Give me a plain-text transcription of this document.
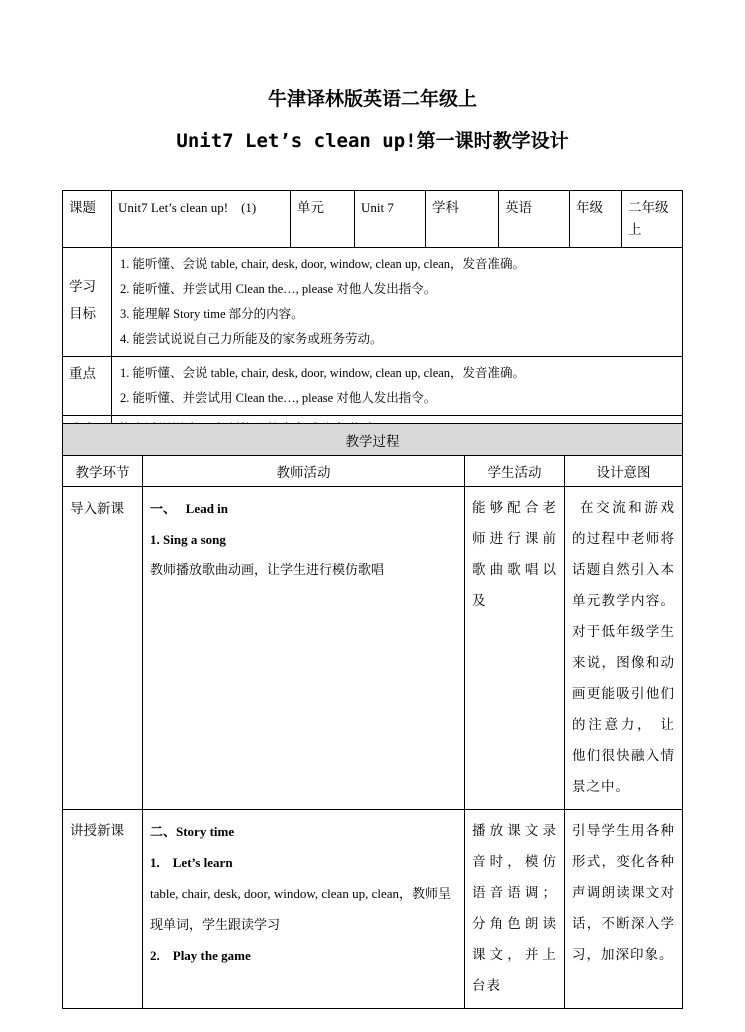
牛津译林版英语二年级上
Unit7 Let’s clean up!第一课时教学设计
课题	Unit7 Let’s clean up!    (1)	单元	Unit 7	学科	英语	年级	二年级上
学习目标	1. 能听懂、会说 table, chair, desk, door, window, clean up, clean，发音准确。
2. 能听懂、并尝试用 Clean the…, please 对他人发出指令。
3. 能理解 Story time 部分的内容。
4. 能尝试说说自己力所能及的家务或班务劳动。						

重点	1. 能听懂、会说 table, chair, desk, door, window, clean up, clean，发音准确。
2. 能听懂、并尝试用 Clean the…, please 对他人发出指令。						

教学过程			
教学环节	教师活动	学生活动	设计意图
导入新课	一、   Lead in
1. Sing a song
教师播放歌曲动画，让学生进行模仿歌唱	能够配合老师进行课前歌曲歌唱以及	在交流和游戏的过程中老师将话题自然引入本单元教学内容。对于低年级学生来说，图像和动画更能吸引他们的注意力， 让他们很快融入情景之中。
讲授新课	二、Story time
1.    Let’s learn
table, chair, desk, door, window, clean up, clean，教师呈现单词，学生跟读学习
2.    Play the game	播放课文录音时，模仿语音语调；分角色朗读课文，并上台表	引导学生用各种形式，变化各种声调朗读课文对话，不断深入学习，加深印象。
